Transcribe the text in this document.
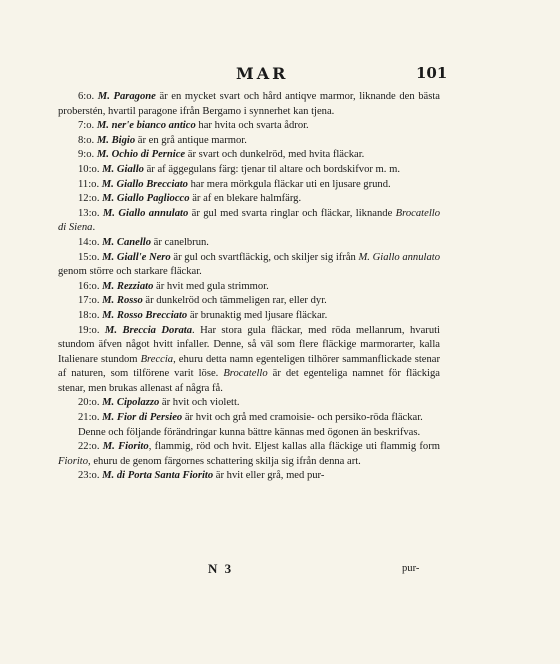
MAR	101

6:o. M. Paragone är en mycket svart och hård antiqve marmor, liknande den bästa proberstén, hvartil paragone ifrån Bergamo i synnerhet kan tjena.

7:o. M. ner'e bianco antico har hvita och svarta ådror.

8:o. M. Bigio är en grå antique marmor.

9:o. M. Ochio di Pernice är svart och dunkelröd, med hvita fläckar.

10:o. M. Giallo är af äggegulans färg: tjenar til altare och bordskifvor m. m.

11:o. M. Giallo Brecciato har mera mörkgula fläckar uti en ljusare grund.

12:o. M. Giallo Pagliocco är af en blekare halmfärg.

13:o. M. Giallo annulato är gul med svarta ringlar och fläckar, liknande Brocatello di Siena.

14:o. M. Canello är canelbrun.

15:o. M. Giall'e Nero är gul och svartfläckig, och skiljer sig ifrån M. Giallo annulato genom större och starkare fläckar.

16:o. M. Rezziato är hvit med gula strimmor.

17:o. M. Rosso är dunkelröd och tämmeligen rar, eller dyr.

18:o. M. Rosso Brecciato är brunaktig med ljusare fläckar.

19:o. M. Breccia Dorata. Har stora gula fläckar, med röda mellanrum, hvaruti stundom äfven något hvitt infaller. Denne, så väl som flere fläckige marmorarter, kalla Italienare stundom Breccia, ehuru detta namn egenteligen tilhörer sammanflickade stenar af naturen, som tilförene varit löse. Brocatello är det egenteliga namnet för fläckiga stenar, men brukas allenast af några få.

20:o. M. Cipolazzo är hvit och violett.

21:o. M. Fior di Persieo är hvit och grå med cramoisie- och persiko-röda fläckar.

Denne och följande förändringar kunna bättre kännas med ögonen än beskrifvas.

22:o. M. Fiorito, flammig, röd och hvit. Eljest kallas alla fläckige uti flammig form Fiorito, ehuru de genom färgornes schattering skilja sig ifrån denna art.

23:o. M. di Porta Santa Fiorito är hvit eller grå, med pur-

N 3	pur-
